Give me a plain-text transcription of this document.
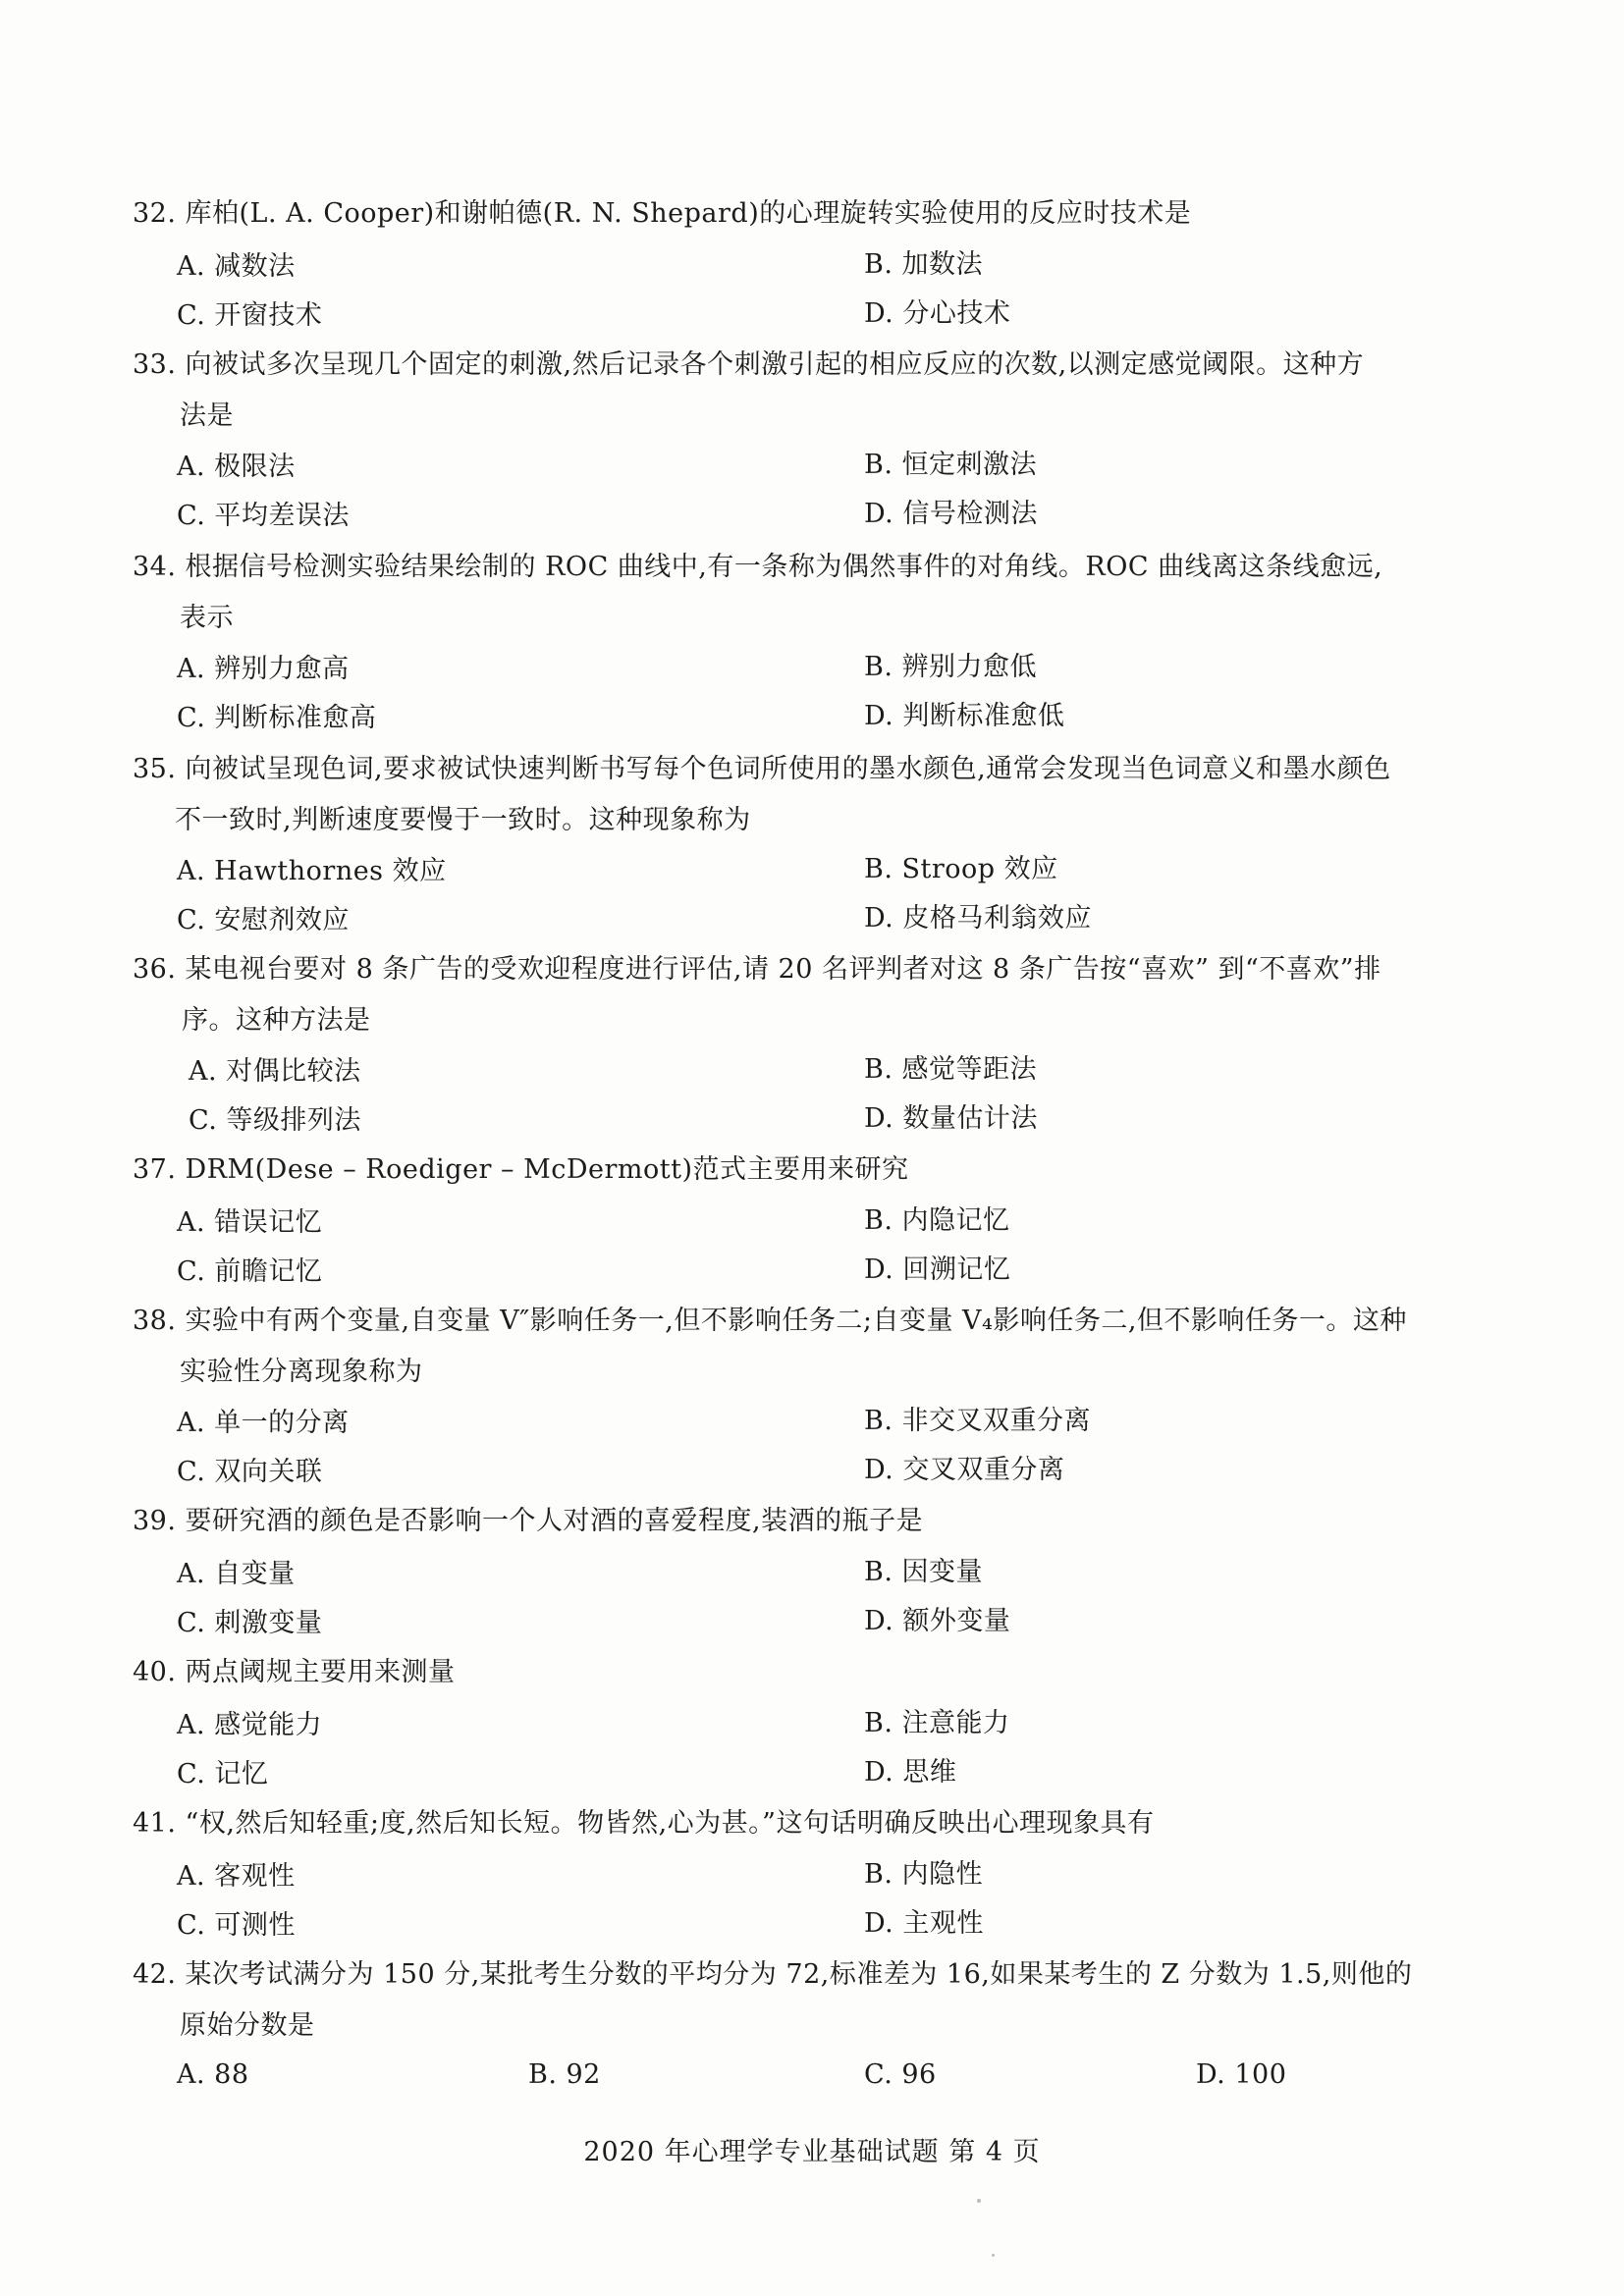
32. 库柏(L. A. Cooper)和谢帕德(R. N. Shepard)的心理旋转实验使用的反应时技术是
A. 减数法	B. 加数法
C. 开窗技术	D. 分心技术
33. 向被试多次呈现几个固定的刺激,然后记录各个刺激引起的相应反应的次数,以测定感觉阈限。这种方
法是
A. 极限法	B. 恒定刺激法
C. 平均差误法	D. 信号检测法
34. 根据信号检测实验结果绘制的 ROC 曲线中,有一条称为偶然事件的对角线。ROC 曲线离这条线愈远,
表示
A. 辨别力愈高	B. 辨别力愈低
C. 判断标准愈高	D. 判断标准愈低
35. 向被试呈现色词,要求被试快速判断书写每个色词所使用的墨水颜色,通常会发现当色词意义和墨水颜色
不一致时,判断速度要慢于一致时。这种现象称为
A. Hawthornes 效应	B. Stroop 效应
C. 安慰剂效应	D. 皮格马利翁效应
36. 某电视台要对 8 条广告的受欢迎程度进行评估,请 20 名评判者对这 8 条广告按“喜欢” 到“不喜欢”排
序。这种方法是
A. 对偶比较法	B. 感觉等距法
C. 等级排列法	D. 数量估计法
37. DRM(Dese – Roediger – McDermott)范式主要用来研究
A. 错误记忆	B. 内隐记忆
C. 前瞻记忆	D. 回溯记忆
38. 实验中有两个变量,自变量 V″影响任务一,但不影响任务二;自变量 V₄影响任务二,但不影响任务一。这种
实验性分离现象称为
A. 单一的分离	B. 非交叉双重分离
C. 双向关联	D. 交叉双重分离
39. 要研究酒的颜色是否影响一个人对酒的喜爱程度,装酒的瓶子是
A. 自变量	B. 因变量
C. 刺激变量	D. 额外变量
40. 两点阈规主要用来测量
A. 感觉能力	B. 注意能力
C. 记忆	D. 思维
41. “权,然后知轻重;度,然后知长短。物皆然,心为甚。”这句话明确反映出心理现象具有
A. 客观性	B. 内隐性
C. 可测性	D. 主观性
42. 某次考试满分为 150 分,某批考生分数的平均分为 72,标准差为 16,如果某考生的 Z 分数为 1.5,则他的
原始分数是
A. 88	B. 92	C. 96	D. 100
2020 年心理学专业基础试题 第 4 页
